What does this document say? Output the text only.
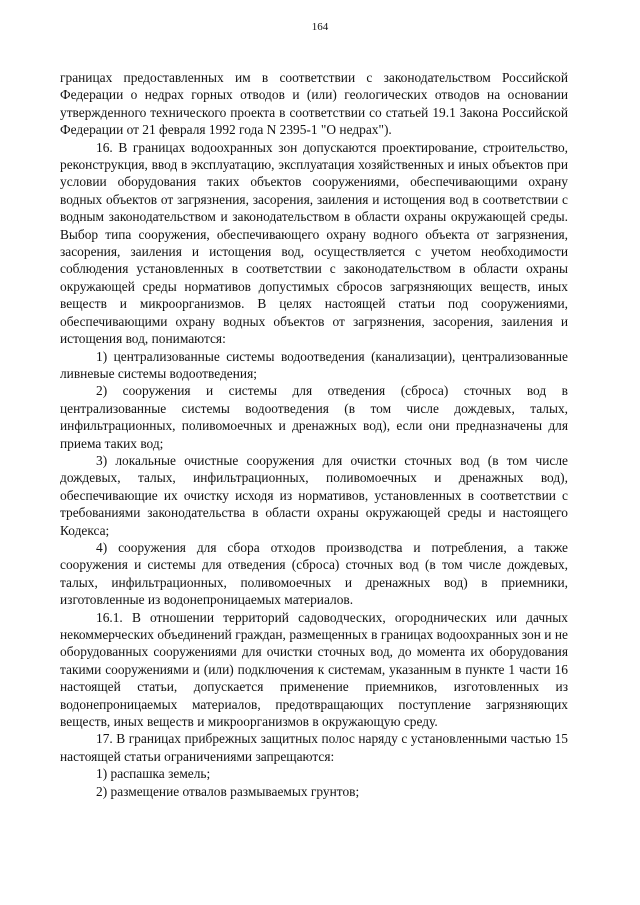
164

границах предоставленных им в соответствии с законодательством Российской Федерации о недрах горных отводов и (или) геологических отводов на основании утвержденного технического проекта в соответствии со статьей 19.1 Закона Российской Федерации от 21 февраля 1992 года N 2395-1 "О недрах").

16. В границах водоохранных зон допускаются проектирование, строительство, реконструкция, ввод в эксплуатацию, эксплуатация хозяйственных и иных объектов при условии оборудования таких объектов сооружениями, обеспечивающими охрану водных объектов от загрязнения, засорения, заиления и истощения вод в соответствии с водным законодательством и законодательством в области охраны окружающей среды. Выбор типа сооружения, обеспечивающего охрану водного объекта от загрязнения, засорения, заиления и истощения вод, осуществляется с учетом необходимости соблюдения установленных в соответствии с законодательством в области охраны окружающей среды нормативов допустимых сбросов загрязняющих веществ, иных веществ и микроорганизмов. В целях настоящей статьи под сооружениями, обеспечивающими охрану водных объектов от загрязнения, засорения, заиления и истощения вод, понимаются:

1) централизованные системы водоотведения (канализации), централизованные ливневые системы водоотведения;

2) сооружения и системы для отведения (сброса) сточных вод в централизованные системы водоотведения (в том числе дождевых, талых, инфильтрационных, поливомоечных и дренажных вод), если они предназначены для приема таких вод;

3) локальные очистные сооружения для очистки сточных вод (в том числе дождевых, талых, инфильтрационных, поливомоечных и дренажных вод), обеспечивающие их очистку исходя из нормативов, установленных в соответствии с требованиями законодательства в области охраны окружающей среды и настоящего Кодекса;

4) сооружения для сбора отходов производства и потребления, а также сооружения и системы для отведения (сброса) сточных вод (в том числе дождевых, талых, инфильтрационных, поливомоечных и дренажных вод) в приемники, изготовленные из водонепроницаемых материалов.

16.1. В отношении территорий садоводческих, огороднических или дачных некоммерческих объединений граждан, размещенных в границах водоохранных зон и не оборудованных сооружениями для очистки сточных вод, до момента их оборудования такими сооружениями и (или) подключения к системам, указанным в пункте 1 части 16 настоящей статьи, допускается применение приемников, изготовленных из водонепроницаемых материалов, предотвращающих поступление загрязняющих веществ, иных веществ и микроорганизмов в окружающую среду.

17. В границах прибрежных защитных полос наряду с установленными частью 15 настоящей статьи ограничениями запрещаются:

1) распашка земель;

2) размещение отвалов размываемых грунтов;
